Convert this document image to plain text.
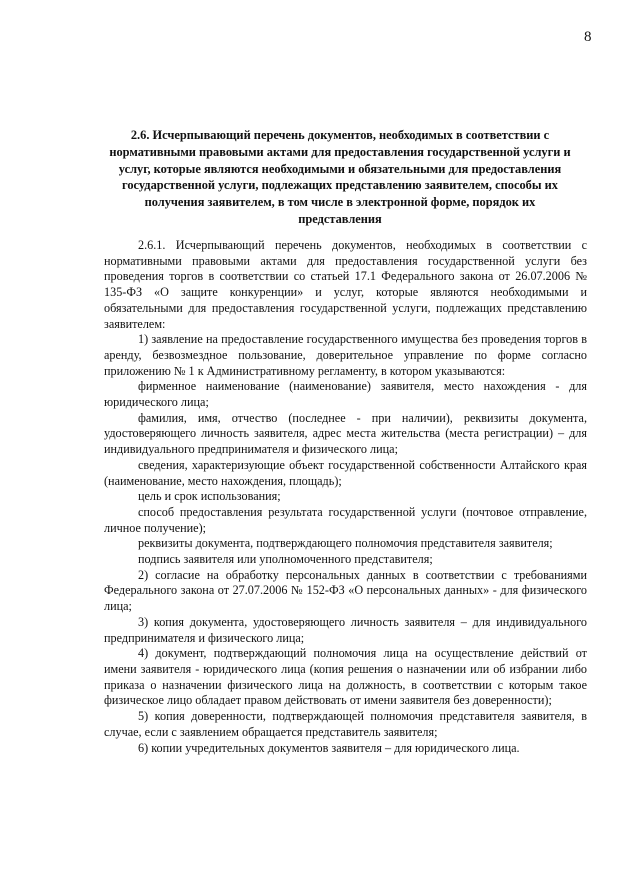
8
2.6. Исчерпывающий перечень документов, необходимых в соответствии с нормативными правовыми актами для предоставления государственной услуги и услуг, которые являются необходимыми и обязательными для предоставления государственной услуги, подлежащих представлению заявителем, способы их получения заявителем, в том числе в электронной форме, порядок их представления

2.6.1. Исчерпывающий перечень документов, необходимых в соответствии с нормативными правовыми актами для предоставления государственной услуги без проведения торгов в соответствии со статьей 17.1 Федерального закона от 26.07.2006 № 135-ФЗ «О защите конкуренции» и услуг, которые являются необходимыми и обязательными для предоставления государственной услуги, подлежащих представлению заявителем:

1) заявление на предоставление государственного имущества без проведения торгов в аренду, безвозмездное пользование, доверительное управление по форме согласно приложению № 1 к Административному регламенту, в котором указываются:

фирменное наименование (наименование) заявителя, место нахождения - для юридического лица;

фамилия, имя, отчество (последнее - при наличии), реквизиты документа, удостоверяющего личность заявителя, адрес места жительства (места регистрации) – для индивидуального предпринимателя и физического лица;

сведения, характеризующие объект государственной собственности Алтайского края (наименование, место нахождения, площадь);

цель и срок использования;

способ предоставления результата государственной услуги (почтовое отправление, личное получение);

реквизиты документа, подтверждающего полномочия представителя заявителя;

подпись заявителя или уполномоченного представителя;

2) согласие на обработку персональных данных в соответствии с требованиями Федерального закона от 27.07.2006 № 152-ФЗ «О персональных данных» - для физического лица;

3) копия документа, удостоверяющего личность заявителя – для индивидуального предпринимателя и физического лица;

4) документ, подтверждающий полномочия лица на осуществление действий от имени заявителя - юридического лица (копия решения о назначении или об избрании либо приказа о назначении физического лица на должность, в соответствии с которым такое физическое лицо обладает правом действовать от имени заявителя без доверенности);

5) копия доверенности, подтверждающей полномочия представителя заявителя, в случае, если с заявлением обращается представитель заявителя;

6) копии учредительных документов заявителя – для юридического лица.
